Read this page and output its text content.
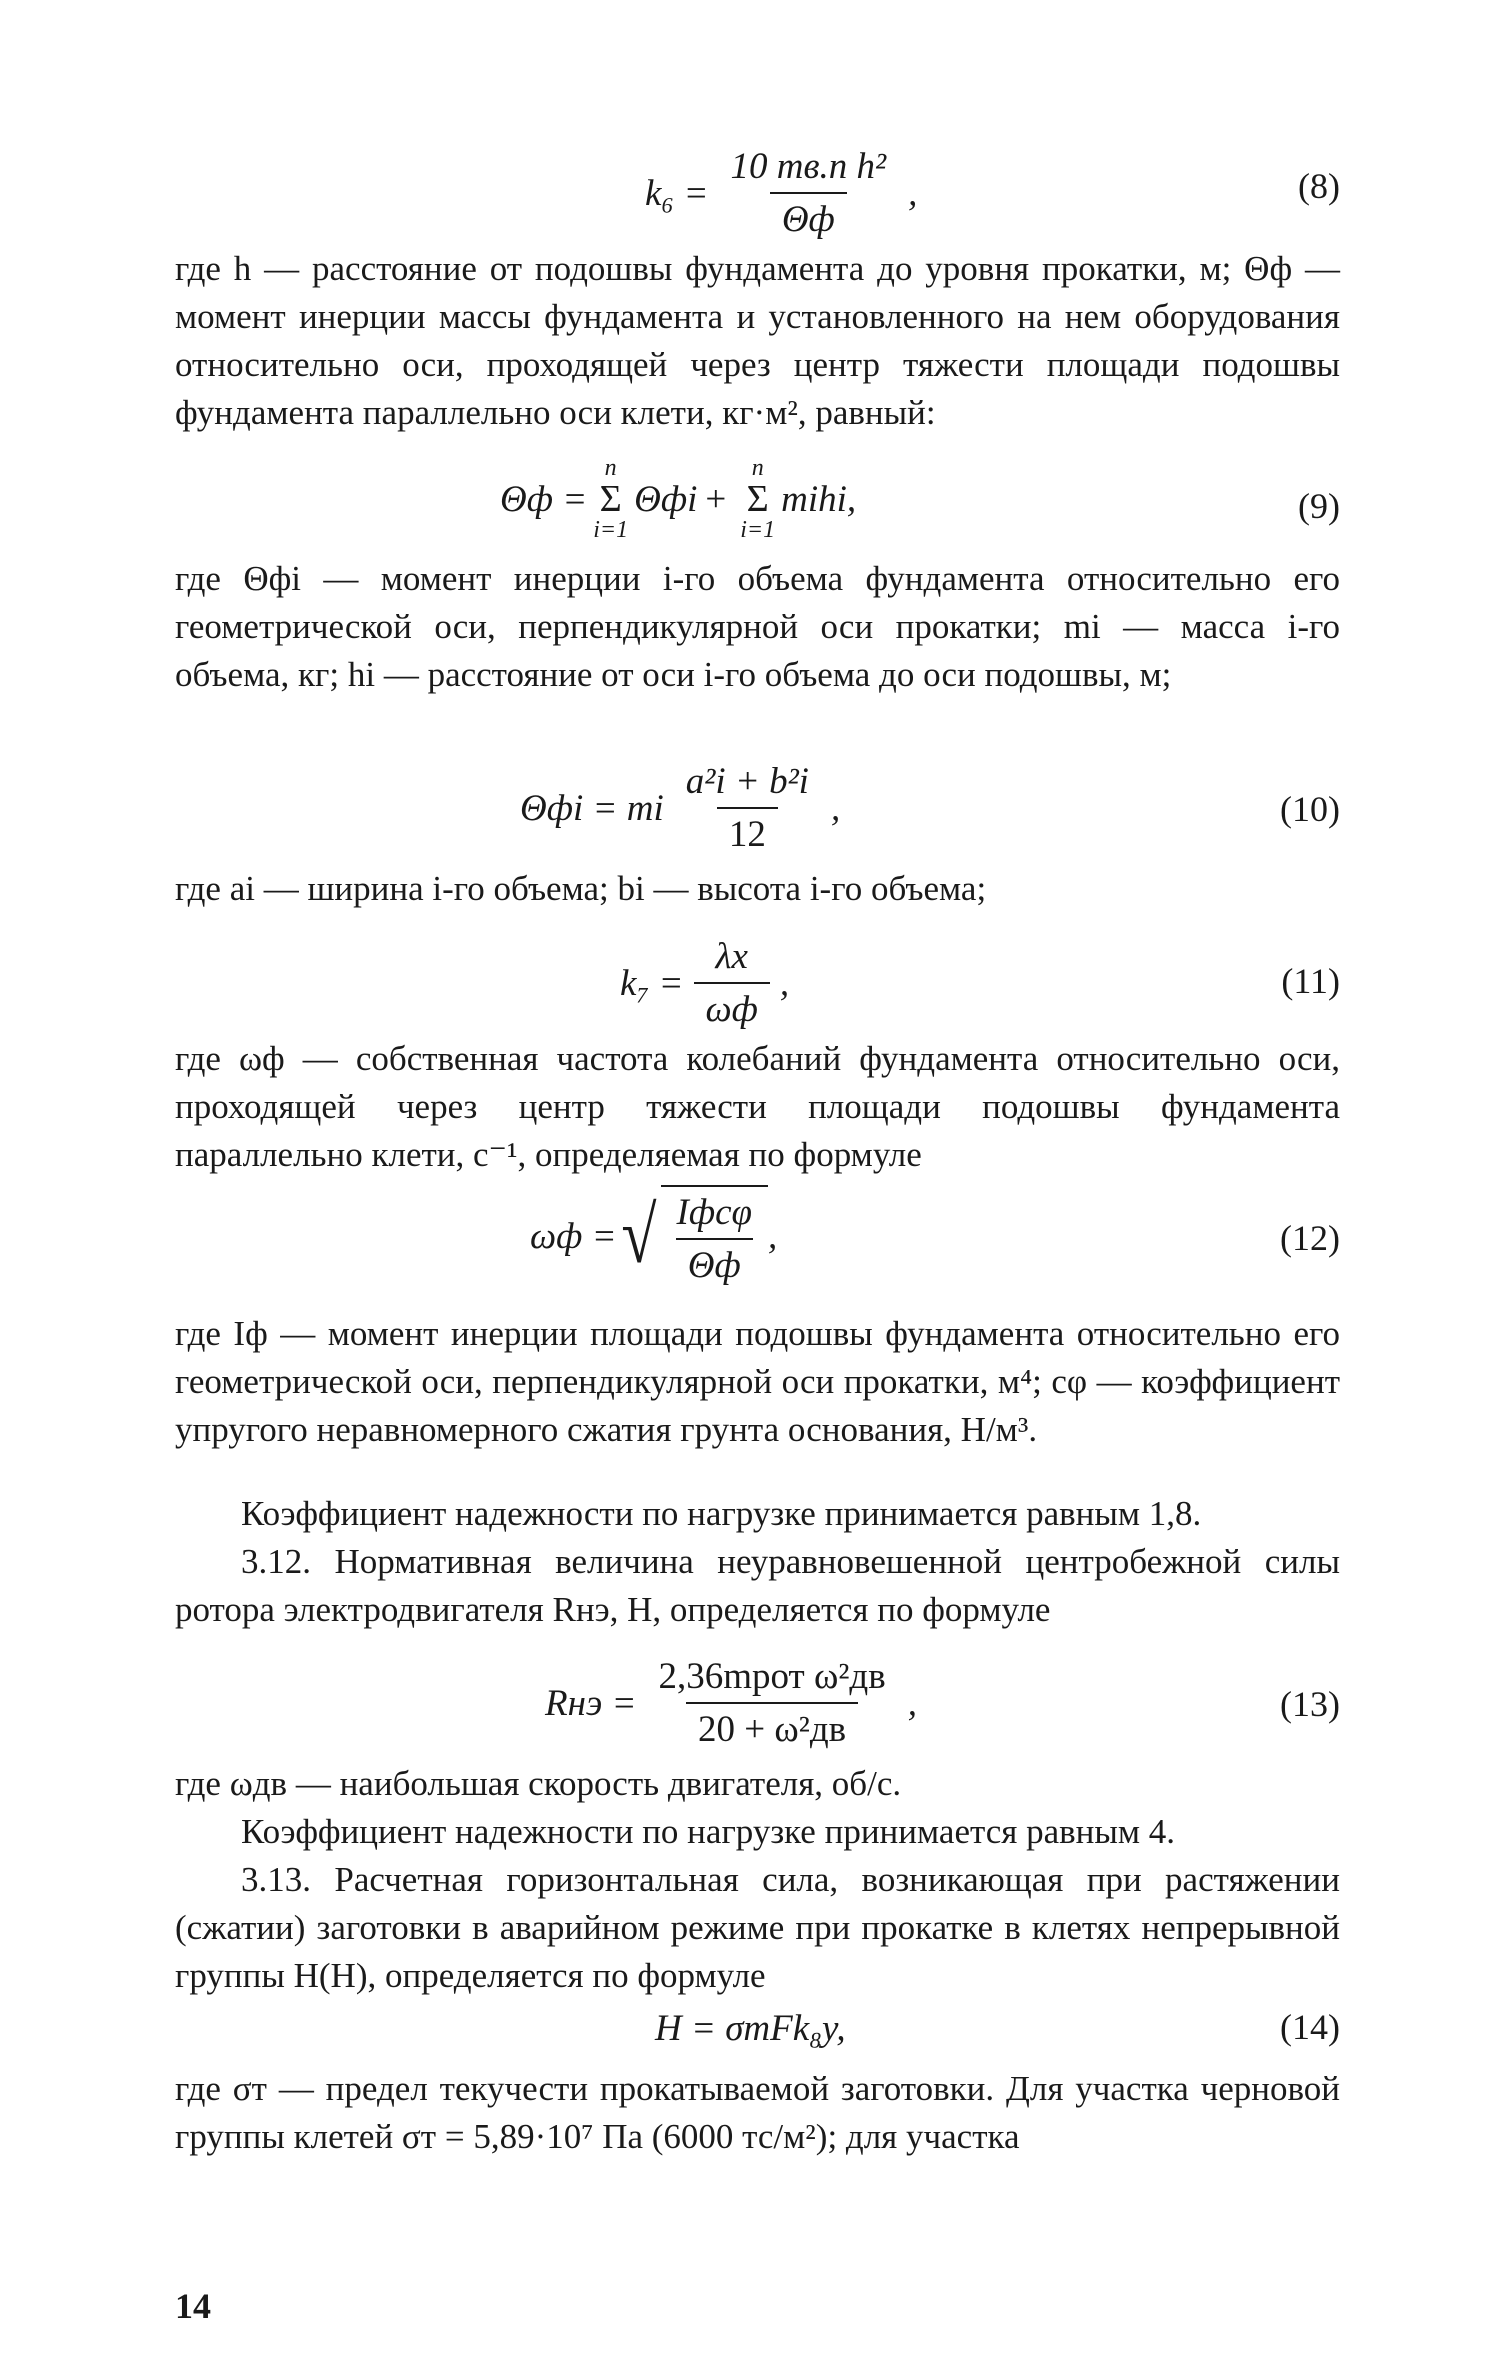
$k_6 = \frac{\text{10 mв.п h²}}{\Theta ф}$ ,	(8)

где h — расстояние от подошвы фундамента до уровня прокатки, м; Θф — момент инерции массы фундамента и установленного на нем оборудования относительно оси, проходящей через центр тяжести площади подошвы фундамента параллельно оси клети, кг·м², равный:

Θф =
n
Σ
i=1
Θфi +
n
Σ
i=1
mihi,	(9)

где Θфi — момент инерции i-го объема фундамента относительно его геометрической оси, перпендикулярной оси прокатки; mi — масса i-го объема, кг; hi — расстояние от оси i-го объема до оси подошвы, м;

Θфi = mi $\frac{\text{a²i + b²i}}{12}$ ,	(10)

где ai — ширина i-го объема; bi — высота i-го объема;

$k_7 = \frac{\lambda х}{\omega ф}$ ,	(11)

где ωф — собственная частота колебаний фундамента относительно оси, проходящей через центр тяжести площади подошвы фундамента параллельно клети, с⁻¹, определяемая по формуле

ωф = √ $\frac{\text{Iфcφ}}{\Theta ф}$ ,	(12)

где Iф — момент инерции площади подошвы фундамента относительно его геометрической оси, перпендикулярной оси прокатки, м⁴; cφ — коэффициент упругого неравномерного сжатия грунта основания, Н/м³.

Коэффициент надежности по нагрузке принимается равным 1,8.

3.12. Нормативная величина неуравновешенной центробежной силы ротора электродвигателя Rнэ, Н, определяется по формуле

Rнэ = $\frac{\text{2,36mрот ω²дв}}{\text{20 + ω²дв}}$ ,	(13)

где ωдв — наибольшая скорость двигателя, об/с.

Коэффициент надежности по нагрузке принимается равным 4.

3.13. Расчетная горизонтальная сила, возникающая при растяжении (сжатии) заготовки в аварийном режиме при прокатке в клетях непрерывной группы H(Н), определяется по формуле

H = σтFk₈y,	(14)

где σт — предел текучести прокатываемой заготовки. Для участка черновой группы клетей σт = 5,89·10⁷ Па (6000 тс/м²); для участка

14
